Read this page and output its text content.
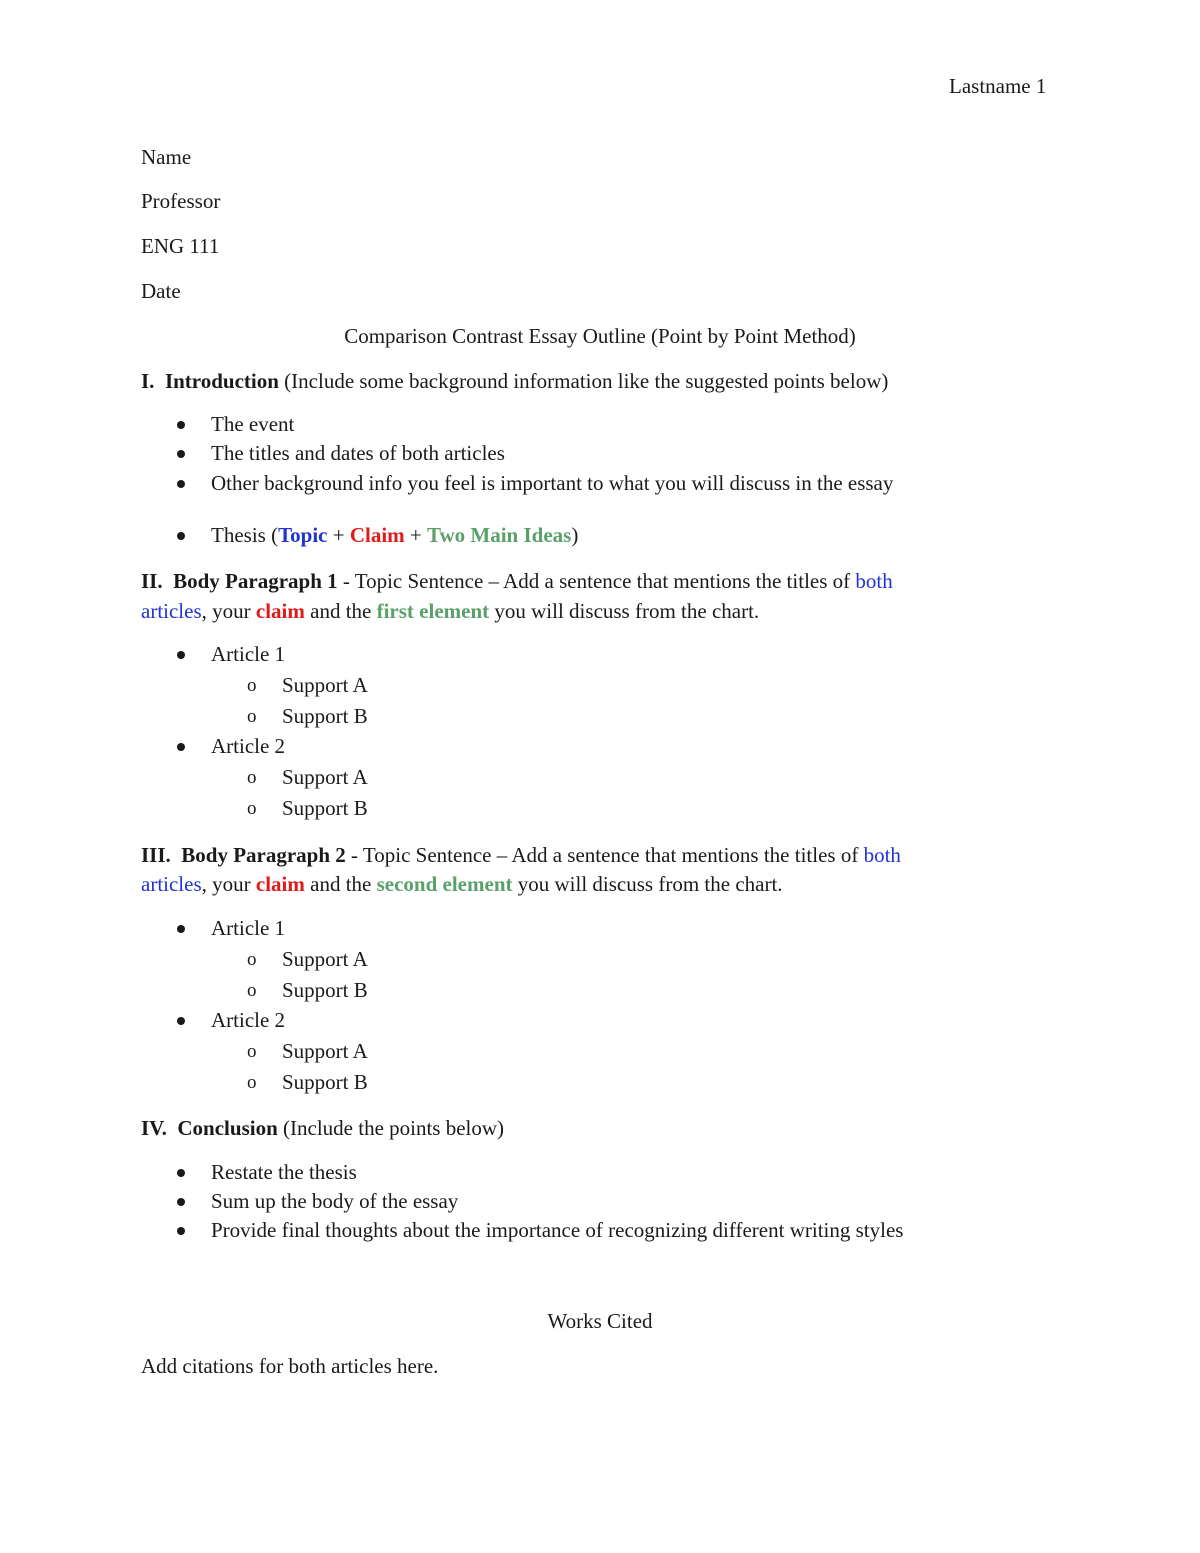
Lastname 1
Name
Professor
ENG 111
Date
Comparison Contrast Essay Outline (Point by Point Method)
I. Introduction (Include some background information like the suggested points below)
The event
The titles and dates of both articles
Other background info you feel is important to what you will discuss in the essay
Thesis (Topic + Claim + Two Main Ideas)
II. Body Paragraph 1 - Topic Sentence – Add a sentence that mentions the titles of both
articles, your claim and the first element you will discuss from the chart.
Article 1
o Support A
o Support B
Article 2
o Support A
o Support B
III. Body Paragraph 2 - Topic Sentence – Add a sentence that mentions the titles of both
articles, your claim and the second element you will discuss from the chart.
Article 1
o Support A
o Support B
Article 2
o Support A
o Support B
IV. Conclusion (Include the points below)
Restate the thesis
Sum up the body of the essay
Provide final thoughts about the importance of recognizing different writing styles
Works Cited
Add citations for both articles here.
